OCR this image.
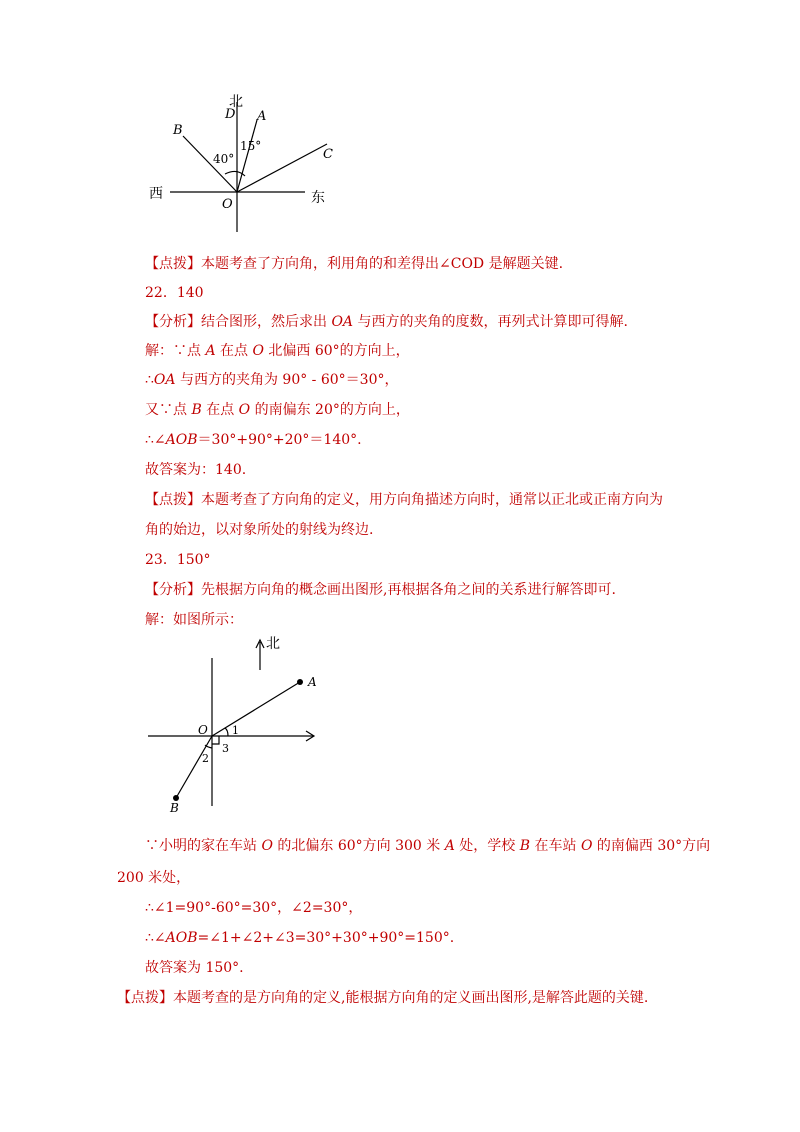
北
D A
B
C
40°
15°
西	东
O
【点拨】本题考查了方向角，利用角的和差得出∠COD 是解题关键.
22．140
【分析】结合图形，然后求出 OA 与西方的夹角的度数，再列式计算即可得解.
解：∵点 A 在点 O 北偏西 60°的方向上，
∴OA 与西方的夹角为 90° - 60°＝30°，
又∵点 B 在点 O 的南偏东 20°的方向上，
∴∠AOB＝30°+90°+20°＝140°.
故答案为：140.
【点拨】本题考查了方向角的定义，用方向角描述方向时，通常以正北或正南方向为
角的始边，以对象所处的射线为终边.
23．150°
【分析】先根据方向角的概念画出图形,再根据各角之间的关系进行解答即可.
解：如图所示：
北
A
O 1
3
2
B
∵小明的家在车站 O 的北偏东 60°方向 300 米 A 处，学校 B 在车站 O 的南偏西 30°方向
200 米处，
∴∠1=90°-60°=30°，∠2=30°，
∴∠AOB=∠1+∠2+∠3=30°+30°+90°=150°.
故答案为 150°.
【点拨】本题考查的是方向角的定义,能根据方向角的定义画出图形,是解答此题的关键.
